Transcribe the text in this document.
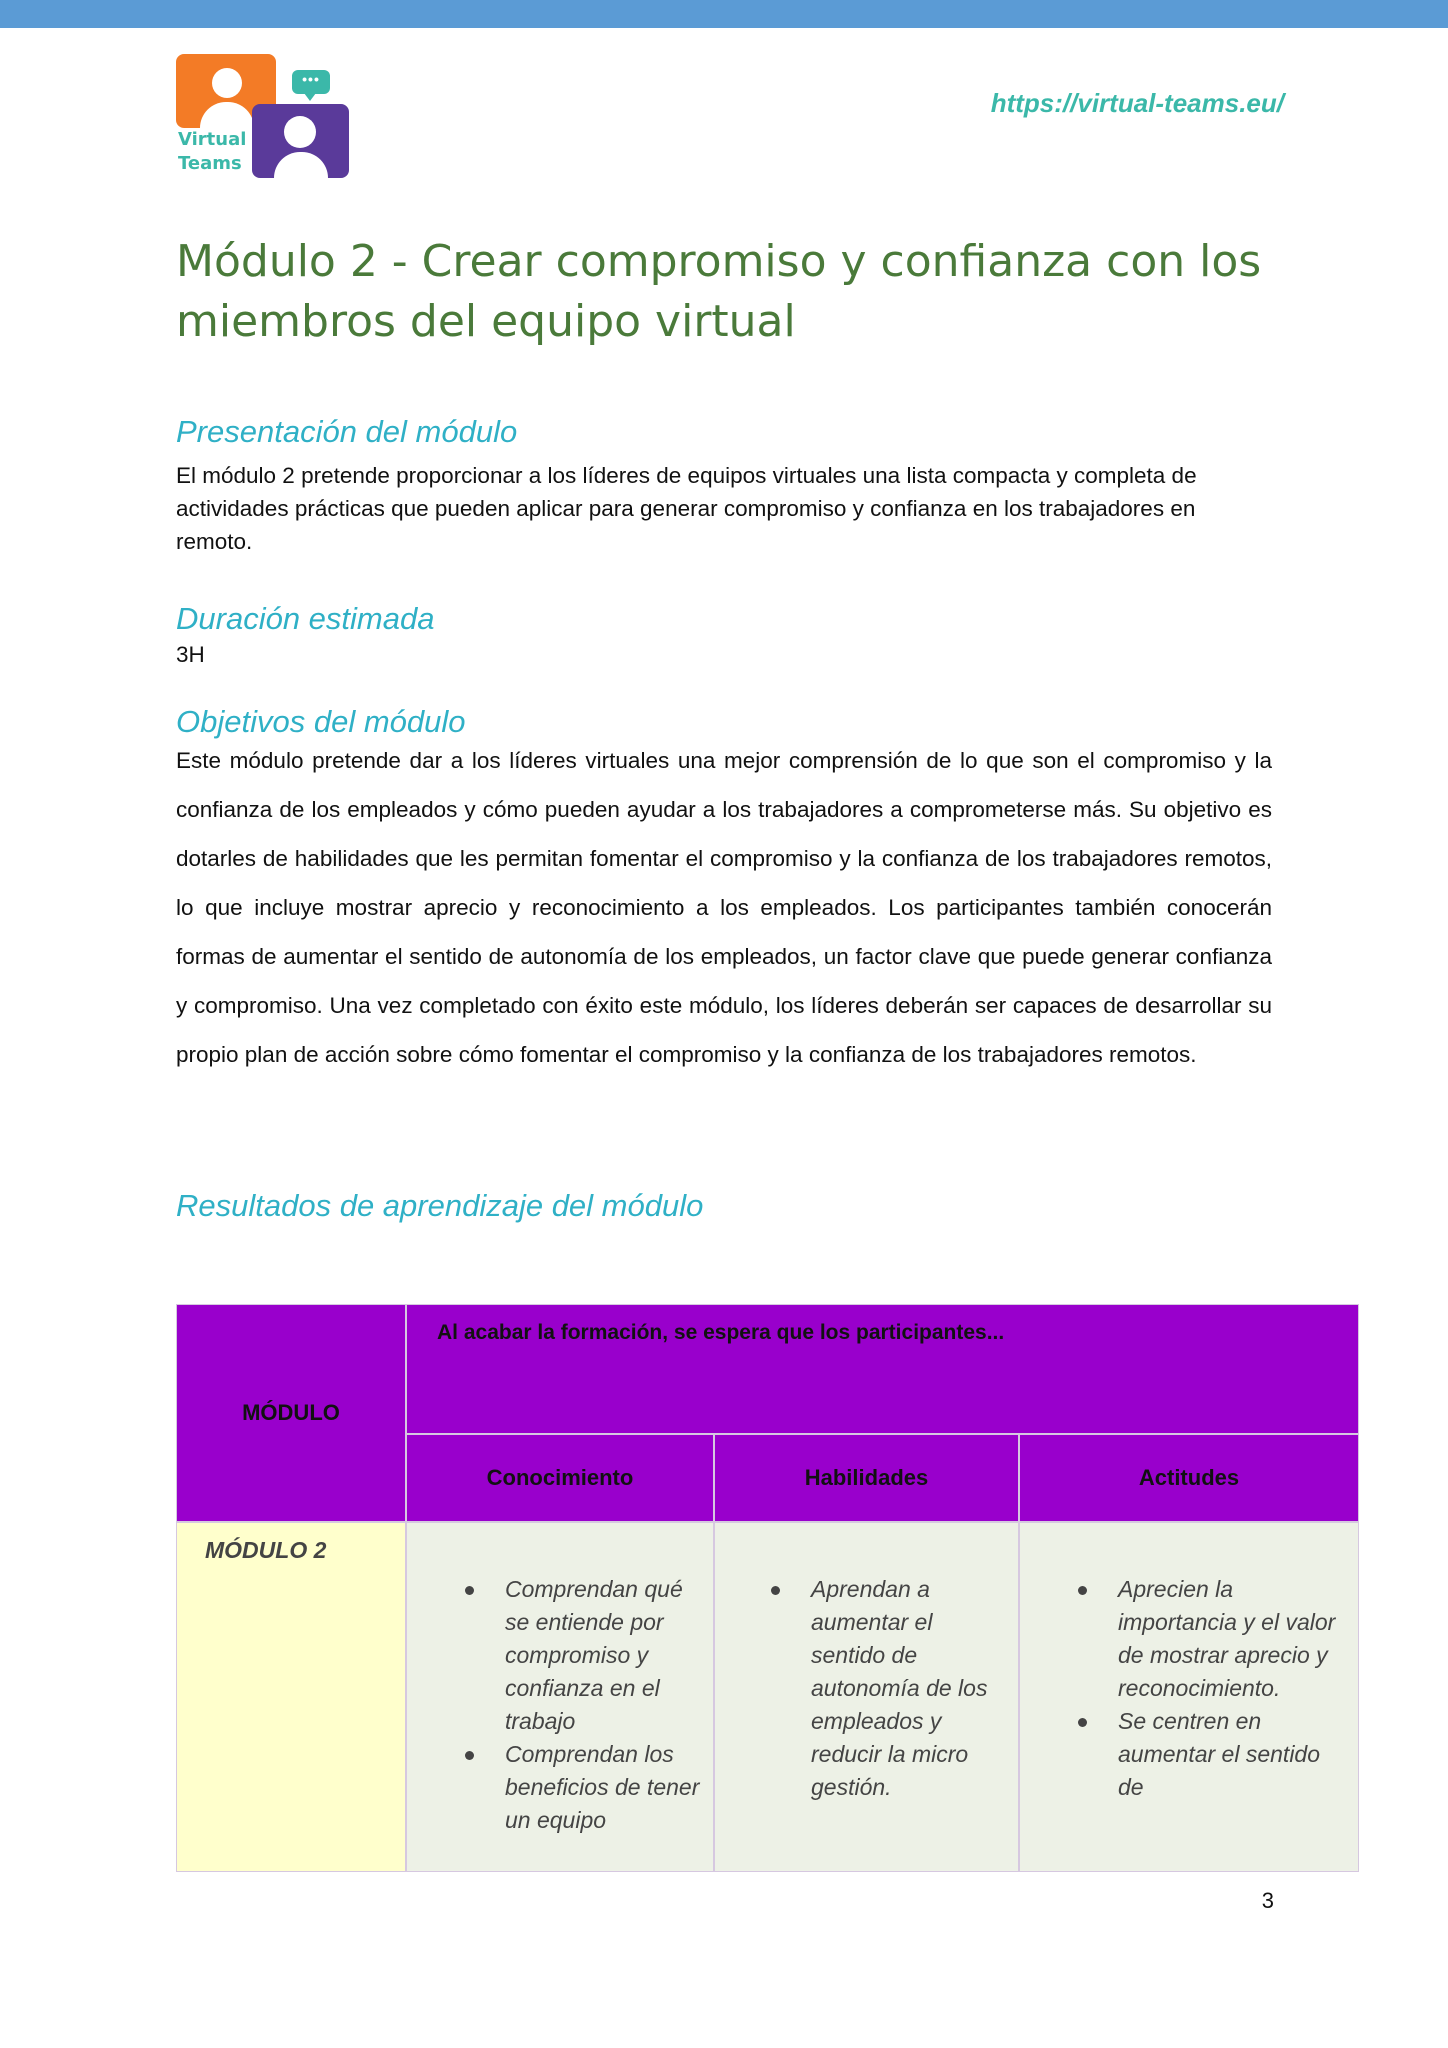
•••
Virtual
Teams
https://virtual-teams.eu/
Módulo 2 - Crear compromiso y confianza con los miembros del equipo virtual
Presentación del módulo

El módulo 2 pretende proporcionar a los líderes de equipos virtuales una lista compacta y completa de actividades prácticas que pueden aplicar para generar compromiso y confianza en los trabajadores en remoto.

Duración estimada

3H

Objetivos del módulo

Este módulo pretende dar a los líderes virtuales una mejor comprensión de lo que son el compromiso y la confianza de los empleados y cómo pueden ayudar a los trabajadores a comprometerse más. Su objetivo es dotarles de habilidades que les permitan fomentar el compromiso y la confianza de los trabajadores remotos, lo que incluye mostrar aprecio y reconocimiento a los empleados. Los participantes también conocerán formas de aumentar el sentido de autonomía de los empleados, un factor clave que puede generar confianza y compromiso. Una vez completado con éxito este módulo, los líderes deberán ser capaces de desarrollar su propio plan de acción sobre cómo fomentar el compromiso y la confianza de los trabajadores remotos.

Resultados de aprendizaje del módulo
MÓDULO
Al acabar la formación, se espera que los participantes...
Conocimiento	Habilidades	Actitudes
MÓDULO 2
Comprendan qué se entiende por compromiso y confianza en el trabajo
Comprendan los beneficios de tener un equipo
Aprendan a aumentar el sentido de autonomía de los empleados y reducir la micro gestión.
Aprecien la importancia y el valor de mostrar aprecio y reconocimiento.
Se centren en aumentar el sentido de
3
